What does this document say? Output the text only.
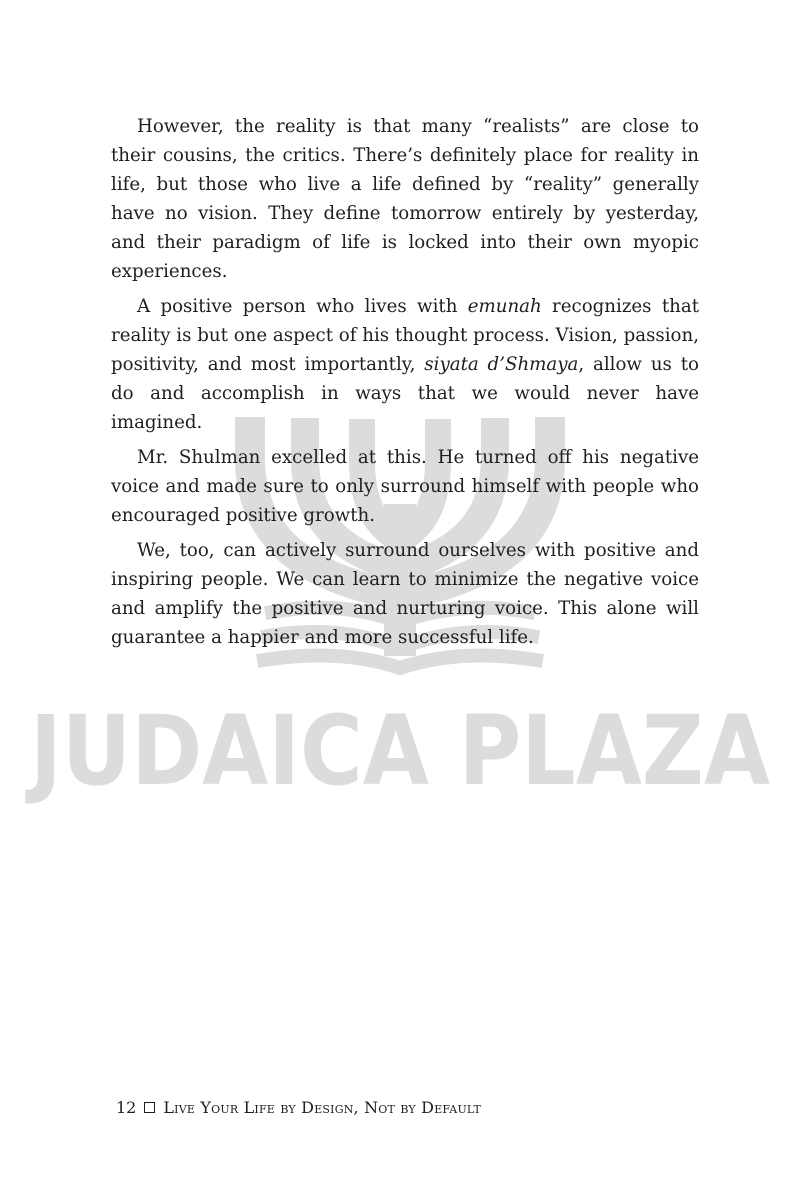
JUDAICA PLAZA

However, the reality is that many “realists” are close to their cousins, the critics. There’s definitely place for reality in life, but those who live a life defined by “reality” generally have no vision. They define tomorrow entirely by yesterday, and their paradigm of life is locked into their own myopic experiences.

A positive person who lives with emunah recognizes that reality is but one aspect of his thought process. Vision, passion, positivity, and most importantly, siyata d’Shmaya, allow us to do and accomplish in ways that we would never have imagined.

Mr. Shulman excelled at this. He turned off his negative voice and made sure to only surround himself with people who encouraged positive growth.

We, too, can actively surround ourselves with positive and inspiring people. We can learn to minimize the negative voice and amplify the positive and nurturing voice. This alone will guarantee a happier and more successful life.

12 Live Your Life by Design, Not by Default
